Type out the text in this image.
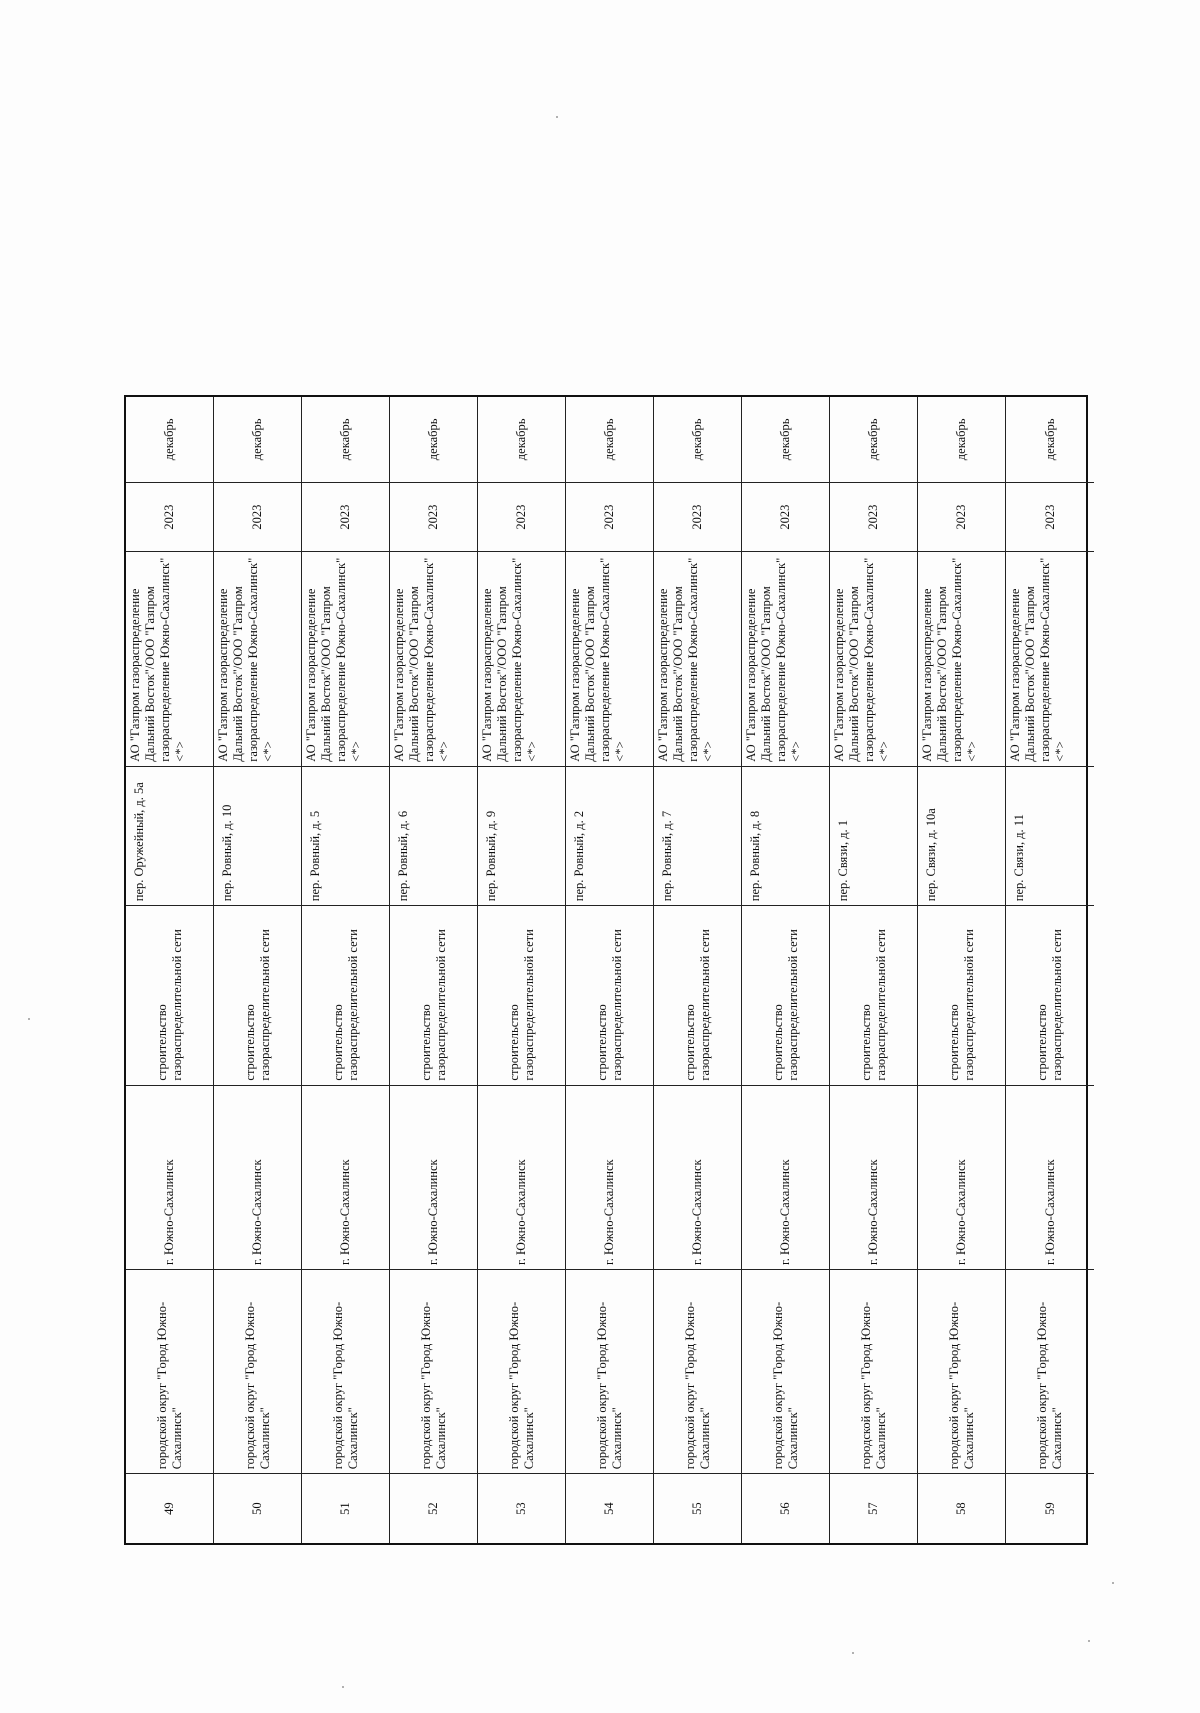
49
городской округ "Город Южно-Сахалинск"
г. Южно-Сахалинск
строительство газораспределительной сети
пер. Оружейный, д. 5а
АО "Газпром газораспределение Дальний Восток"/ООО "Газпром газораспределение Южно-Сахалинск" <*>
2023
декабрь
50
городской округ "Город Южно-Сахалинск"
г. Южно-Сахалинск
строительство газораспределительной сети
пер. Ровный, д. 10
АО "Газпром газораспределение Дальний Восток"/ООО "Газпром газораспределение Южно-Сахалинск" <*>
2023
декабрь
51
городской округ "Город Южно-Сахалинск"
г. Южно-Сахалинск
строительство газораспределительной сети
пер. Ровный, д. 5
АО "Газпром газораспределение Дальний Восток"/ООО "Газпром газораспределение Южно-Сахалинск" <*>
2023
декабрь
52
городской округ "Город Южно-Сахалинск"
г. Южно-Сахалинск
строительство газораспределительной сети
пер. Ровный, д. 6
АО "Газпром газораспределение Дальний Восток"/ООО "Газпром газораспределение Южно-Сахалинск" <*>
2023
декабрь
53
городской округ "Город Южно-Сахалинск"
г. Южно-Сахалинск
строительство газораспределительной сети
пер. Ровный, д. 9
АО "Газпром газораспределение Дальний Восток"/ООО "Газпром газораспределение Южно-Сахалинск" <*>
2023
декабрь
54
городской округ "Город Южно-Сахалинск"
г. Южно-Сахалинск
строительство газораспределительной сети
пер. Ровный, д. 2
АО "Газпром газораспределение Дальний Восток"/ООО "Газпром газораспределение Южно-Сахалинск" <*>
2023
декабрь
55
городской округ "Город Южно-Сахалинск"
г. Южно-Сахалинск
строительство газораспределительной сети
пер. Ровный, д. 7
АО "Газпром газораспределение Дальний Восток"/ООО "Газпром газораспределение Южно-Сахалинск" <*>
2023
декабрь
56
городской округ "Город Южно-Сахалинск"
г. Южно-Сахалинск
строительство газораспределительной сети
пер. Ровный, д. 8
АО "Газпром газораспределение Дальний Восток"/ООО "Газпром газораспределение Южно-Сахалинск" <*>
2023
декабрь
57
городской округ "Город Южно-Сахалинск"
г. Южно-Сахалинск
строительство газораспределительной сети
пер. Связи, д. 1
АО "Газпром газораспределение Дальний Восток"/ООО "Газпром газораспределение Южно-Сахалинск" <*>
2023
декабрь
58
городской округ "Город Южно-Сахалинск"
г. Южно-Сахалинск
строительство газораспределительной сети
пер. Связи, д. 10а
АО "Газпром газораспределение Дальний Восток"/ООО "Газпром газораспределение Южно-Сахалинск" <*>
2023
декабрь
59
городской округ "Город Южно-Сахалинск"
г. Южно-Сахалинск
строительство газораспределительной сети
пер. Связи, д. 11
АО "Газпром газораспределение Дальний Восток"/ООО "Газпром газораспределение Южно-Сахалинск" <*>
2023
декабрь
